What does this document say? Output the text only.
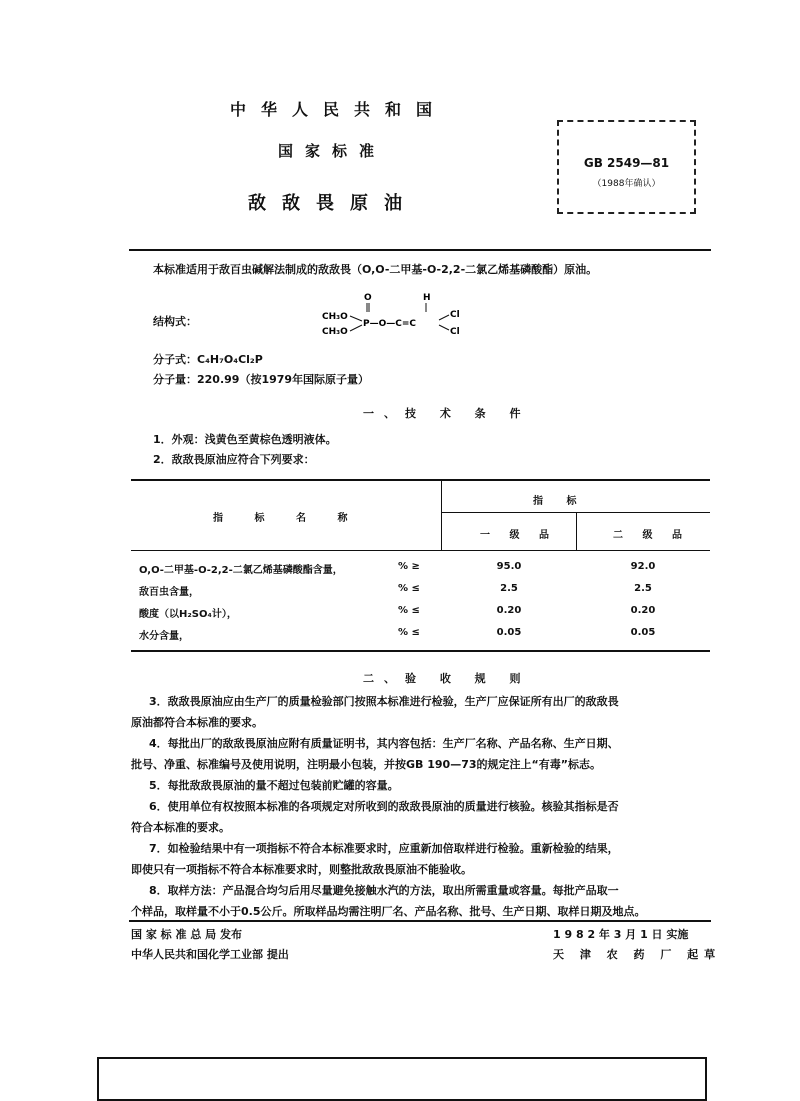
中华人民共和国
国家标准
敌敌畏原油
GB 2549—81
（1988年确认）
本标准适用于敌百虫碱解法制成的敌敌畏（O,O-二甲基-O-2,2-二氯乙烯基磷酸酯）原油。
结构式：
O	H
CH₃O
CH₃O
P—O—C=C
Cl
Cl
分子式：C₄H₇O₄Cl₂P
分子量：220.99（按1979年国际原子量）
一、技 术 条 件
1．外观：浅黄色至黄棕色透明液体。
2．敌敌畏原油应符合下列要求：
指 标 名 称
指 标
一 级 品	二 级 品
O,O-二甲基-O-2,2-二氯乙烯基磷酸酯含量，	% ≥	95.0	92.0
敌百虫含量，	% ≤	2.5	2.5
酸度（以H₂SO₄计），	% ≤	0.20	0.20
水分含量，	% ≤	0.05	0.05
二、验 收 规 则
3．敌敌畏原油应由生产厂的质量检验部门按照本标准进行检验，生产厂应保证所有出厂的敌敌畏
原油都符合本标准的要求。
4．每批出厂的敌敌畏原油应附有质量证明书，其内容包括：生产厂名称、产品名称、生产日期、
批号、净重、标准编号及使用说明，注明最小包装，并按GB 190—73的规定注上“有毒”标志。
5．每批敌敌畏原油的量不超过包装前贮罐的容量。
6．使用单位有权按照本标准的各项规定对所收到的敌敌畏原油的质量进行核验。核验其指标是否
符合本标准的要求。
7．如检验结果中有一项指标不符合本标准要求时，应重新加倍取样进行检验。重新检验的结果，
即使只有一项指标不符合本标准要求时，则整批敌敌畏原油不能验收。
8．取样方法：产品混合均匀后用尽量避免接触水汽的方法，取出所需重量或容量。每批产品取一
个样品，取样量不小于0.5公斤。所取样品均需注明厂名、产品名称、批号、生产日期、取样日期及地点。
国 家 标 准 总 局 发布
中华人民共和国化学工业部 提出
1 9 8 2 年 3 月 1 日 实施
天 津 农 药 厂 起草
